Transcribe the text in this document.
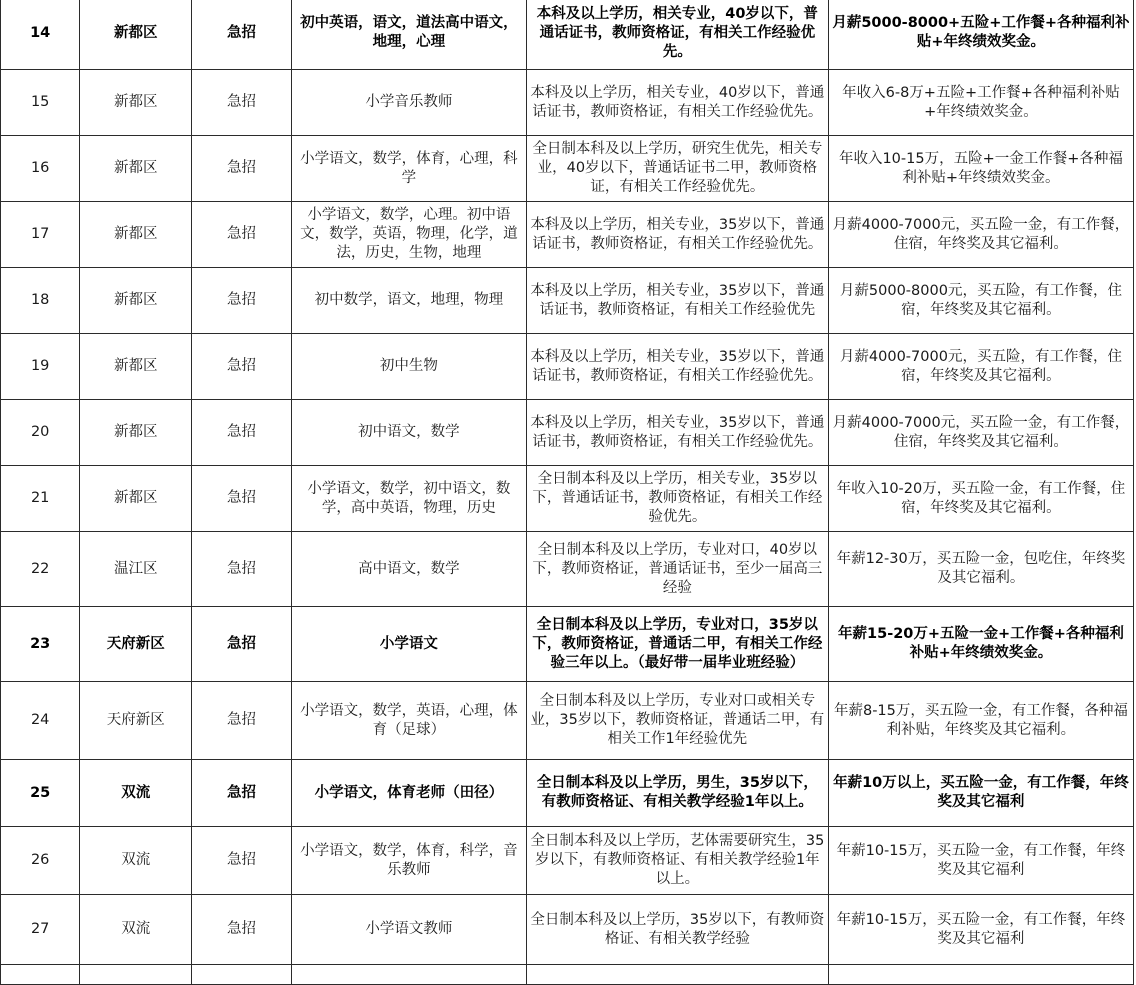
14	新都区	急招	初中英语，语文，道法高中语文，地理，心理	本科及以上学历，相关专业，40岁以下，普通话证书，教师资格证，有相关工作经验优先。	月薪5000-8000+五险+工作餐+各种福利补贴+年终绩效奖金。
15	新都区	急招	小学音乐教师	本科及以上学历，相关专业，40岁以下，普通话证书，教师资格证，有相关工作经验优先。	年收入6-8万+五险+工作餐+各种福利补贴+年终绩效奖金。
16	新都区	急招	小学语文，数学，体育，心理，科学	全日制本科及以上学历，研究生优先，相关专业，40岁以下，普通话证书二甲，教师资格证，有相关工作经验优先。	年收入10-15万，五险+一金工作餐+各种福利补贴+年终绩效奖金。
17	新都区	急招	小学语文，数学，心理。初中语文，数学，英语，物理，化学，道法，历史，生物，地理	本科及以上学历，相关专业，35岁以下，普通话证书，教师资格证，有相关工作经验优先。	月薪4000-7000元，买五险一金，有工作餐，住宿，年终奖及其它福利。
18	新都区	急招	初中数学，语文，地理，物理	本科及以上学历，相关专业，35岁以下，普通话证书，教师资格证，有相关工作经验优先	月薪5000-8000元，买五险，有工作餐，住宿，年终奖及其它福利。
19	新都区	急招	初中生物	本科及以上学历，相关专业，35岁以下，普通话证书，教师资格证，有相关工作经验优先。	月薪4000-7000元，买五险，有工作餐，住宿，年终奖及其它福利。
20	新都区	急招	初中语文，数学	本科及以上学历，相关专业，35岁以下，普通话证书，教师资格证，有相关工作经验优先。	月薪4000-7000元，买五险一金，有工作餐，住宿，年终奖及其它福利。
21	新都区	急招	小学语文，数学，初中语文，数学，高中英语，物理，历史	全日制本科及以上学历，相关专业，35岁以下，普通话证书，教师资格证，有相关工作经验优先。	年收入10-20万，买五险一金，有工作餐，住宿，年终奖及其它福利。
22	温江区	急招	高中语文，数学	全日制本科及以上学历，专业对口，40岁以下，教师资格证，普通话证书，至少一届高三经验	年薪12-30万，买五险一金，包吃住，年终奖及其它福利。
23	天府新区	急招	小学语文	全日制本科及以上学历，专业对口，35岁以下，教师资格证，普通话二甲，有相关工作经验三年以上。（最好带一届毕业班经验）	年薪15-20万+五险一金+工作餐+各种福利补贴+年终绩效奖金。
24	天府新区	急招	小学语文，数学，英语，心理，体育（足球）	全日制本科及以上学历，专业对口或相关专业，35岁以下，教师资格证，普通话二甲，有相关工作1年经验优先	年薪8-15万，买五险一金，有工作餐，各种福利补贴，年终奖及其它福利。
25	双流	急招	小学语文，体育老师（田径）	全日制本科及以上学历，男生，35岁以下，有教师资格证、有相关教学经验1年以上。	年薪10万以上，买五险一金，有工作餐，年终奖及其它福利
26	双流	急招	小学语文，数学，体育，科学，音乐教师	全日制本科及以上学历，艺体需要研究生，35岁以下，有教师资格证、有相关教学经验1年以上。	年薪10-15万，买五险一金，有工作餐，年终奖及其它福利
27	双流	急招	小学语文教师	全日制本科及以上学历，35岁以下，有教师资格证、有相关教学经验	年薪10-15万，买五险一金，有工作餐，年终奖及其它福利
